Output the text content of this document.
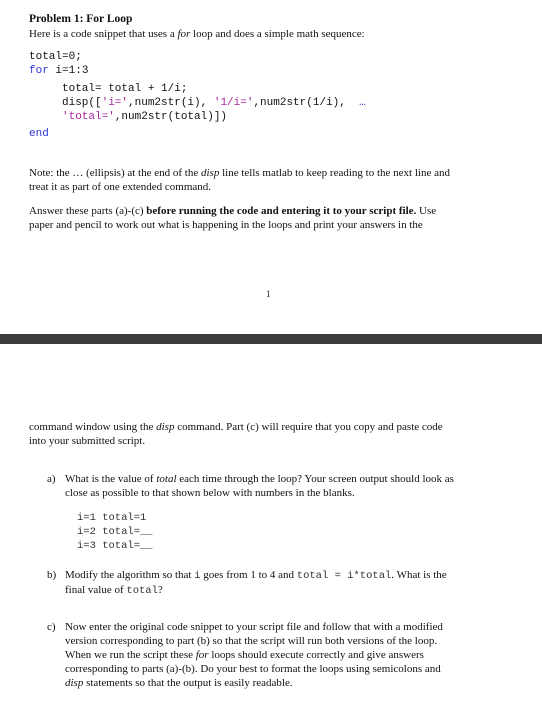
Problem 1: For Loop
Here is a code snippet that uses a for loop and does a simple math sequence:
total=0;
for i=1:3
total= total + 1/i;
disp(['i=',num2str(i), '1/i=',num2str(1/i),  …
'total=',num2str(total)])
end
Note: the … (ellipsis) at the end of the disp line tells matlab to keep reading to the next line and
treat it as part of one extended command.
Answer these parts (a)-(c) before running the code and entering it to your script file. Use
paper and pencil to work out what is happening in the loops and print your answers in the
1
command window using the disp command. Part (c) will require that you copy and paste code
into your submitted script.
a) What is the value of total each time through the loop? Your screen output should look as
close as possible to that shown below with numbers in the blanks.
i=1 total=1
i=2 total=__
i=3 total=__
b) Modify the algorithm so that i goes from 1 to 4 and total = i*total. What is the
final value of total?
c) Now enter the original code snippet to your script file and follow that with a modified
version corresponding to part (b) so that the script will run both versions of the loop.
When we run the script these for loops should execute correctly and give answers
corresponding to parts (a)-(b). Do your best to format the loops using semicolons and
disp statements so that the output is easily readable.
